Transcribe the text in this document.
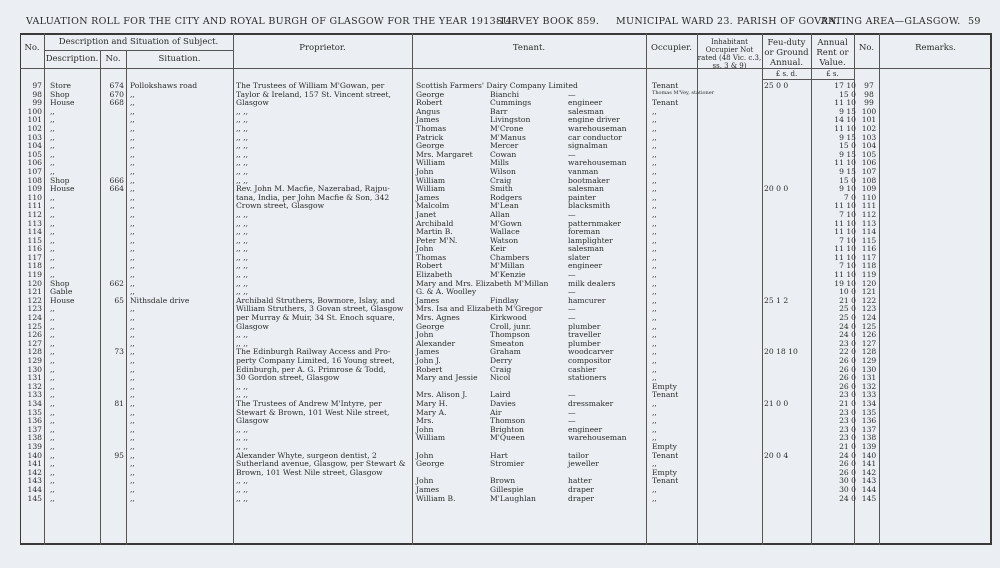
VALUATION ROLL FOR THE CITY AND ROYAL BURGH OF GLASGOW FOR THE YEAR 1913-14.
SURVEY BOOK 859. MUNICIPAL WARD 23. PARISH OF GOVAN.
RATING AREA—GLASGOW. 59
No.
Description and Situation of Subject.
Description. No.	Situation.
Proprietor.	Tenant.	Occupier.
Inhabitant Occupier Not rated (48 Vic. c.3, ss. 3 & 9)
Feu-duty or Ground Annual.
Annual Rent or Value.
No.	Remarks.
£ s. d.	£ s.
97 Store	674 Pollokshaws road	The Trustees of William M'Gowan, per	Scottish Farmers' Dairy Company Limited	Tenant	25 0 0	17 10	97
98 Shop	670 ,,	Taylor & Ireland, 157 St. Vincent street,	George	Bianchi	—	Thomas M'Vey, stationer	15 0	98
99 House	668 ,,	Glasgow	Robert	Cummings	engineer	Tenant	11 10	99
100 ,,	,,	,, ,,	Angus	Barr	salesman	,,	9 15 100
101 ,,	,,	,, ,,	James	Livingston	engine driver	,,	14 10 101
102 ,,	,,	,, ,,	Thomas	M'Crone	warehouseman	,,	11 10 102
103 ,,	,,	,, ,,	Patrick	M'Manus	car conductor	,,	9 15 103
104 ,,	,,	,, ,,	George	Mercer	signalman	,,	15 0 104
105 ,,	,,	,, ,,	Mrs. Margaret	Cowan	—	,,	9 15 105
106 ,,	,,	,, ,,	William	Mills	warehouseman	,,	11 10 106
107 ,,	,,	,, ,,	John	Wilson	vanman	,,	9 15 107
108 Shop	666 ,,	,, ,,	William	Craig	bootmaker	,,	15 0 108
109 House	664 ,,	Rev. John M. Macfie, Nazerabad, Rajpu-	William	Smith	salesman	,,	20 0 0	9 10 109
110 ,,	,,	tana, India, per John Macfie & Son, 342	James	Rodgers	painter	,,	7 0 110
111 ,,	,,	Crown street, Glasgow	Malcolm	M'Lean	blacksmith	,,	11 10 111
112 ,,	,,	,, ,,	Janet	Allan	—	,,	7 10 112
113 ,,	,,	,, ,,	Archibald	M'Gown	patternmaker	,,	11 10 113
114 ,,	,,	,, ,,	Martin B.	Wallace	foreman	,,	11 10 114
115 ,,	,,	,, ,,	Peter M'N.	Watson	lamplighter	,,	7 10 115
116 ,,	,,	,, ,,	John	Keir	salesman	,,	11 10 116
117 ,,	,,	,, ,,	Thomas	Chambers	slater	,,	11 10 117
118 ,,	,,	,, ,,	Robert	M'Millan	engineer	,,	7 10 118
119 ,,	,,	,, ,,	Elizabeth	M'Kenzie	—	,,	11 10 119
120 Shop	662 ,,	,, ,,	Mary and Mrs. Elizabeth M'Millan	milk dealers	,,	19 10 120
121 Gable	,,	,, ,,	G. & A. Woolley	—	,,	10 0 121
122 House	65 Nithsdale drive	Archibald Struthers, Bowmore, Islay, and	James	Findlay	hamcurer	,,	25 1 2	21 0 122
123 ,,	,,	William Struthers, 3 Govan street, Glasgow	Mrs. Isa and Elizabeth M'Gregor	—	,,	25 0 123
124 ,,	,,	per Murray & Muir, 34 St. Enoch square,	Mrs. Agnes	Kirkwood	—	,,	25 0 124
125 ,,	,,	Glasgow	George	Croll, junr.	plumber	,,	24 0 125
126 ,,	,,	,, ,,	John	Thompson	traveller	,,	24 0 126
127 ,,	,,	,, ,,	Alexander	Smeaton	plumber	,,	23 0 127
128 ,,	73 ,,	The Edinburgh Railway Access and Pro-	James	Graham	woodcarver	,,	20 18 10	22 0 128
129 ,,	,,	perty Company Limited, 16 Young street,	John J.	Derry	compositor	,,	26 0 129
130 ,,	,,	Edinburgh, per A. G. Primrose & Todd,	Robert	Craig	cashier	,,	26 0 130
131 ,,	,,	30 Gordon street, Glasgow	Mary and Jessie	Nicol	stationers	,,	26 0 131
132 ,,	,,	,, ,,	Empty	26 0 132
133 ,,	,,	,, ,,	Mrs. Alison J.	Laird	—	Tenant	23 0 133
134 ,,	81 ,,	The Trustees of Andrew M'Intyre, per	Mary H.	Davies	dressmaker	,,	21 0 0	21 0 134
135 ,,	,,	Stewart & Brown, 101 West Nile street,	Mary A.	Air	—	,,	23 0 135
136 ,,	,,	Glasgow	Mrs.	Thomson	—	,,	23 0 136
137 ,,	,,	,, ,,	John	Brighton	engineer	,,	23 0 137
138 ,,	,,	,, ,,	William	M'Queen	warehouseman	,,	23 0 138
139 ,,	,,	,, ,,	Empty	21 0 139
140 ,,	95 ,,	Alexander Whyte, surgeon dentist, 2	John	Hart	tailor	Tenant	20 0 4	24 0 140
141 ,,	,,	Sutherland avenue, Glasgow, per Stewart &	George	Stromier	jeweller	,,	26 0 141
142 ,,	,,	Brown, 101 West Nile street, Glasgow	Empty	26 0 142
143 ,,	,,	,, ,,	John	Brown	hatter	Tenant	30 0 143
144 ,,	,,	,, ,,	James	Gillespie	draper	,,	30 0 144
145 ,,	,,	,, ,,	William B.	M'Laughlan	draper	,,	24 0 145
